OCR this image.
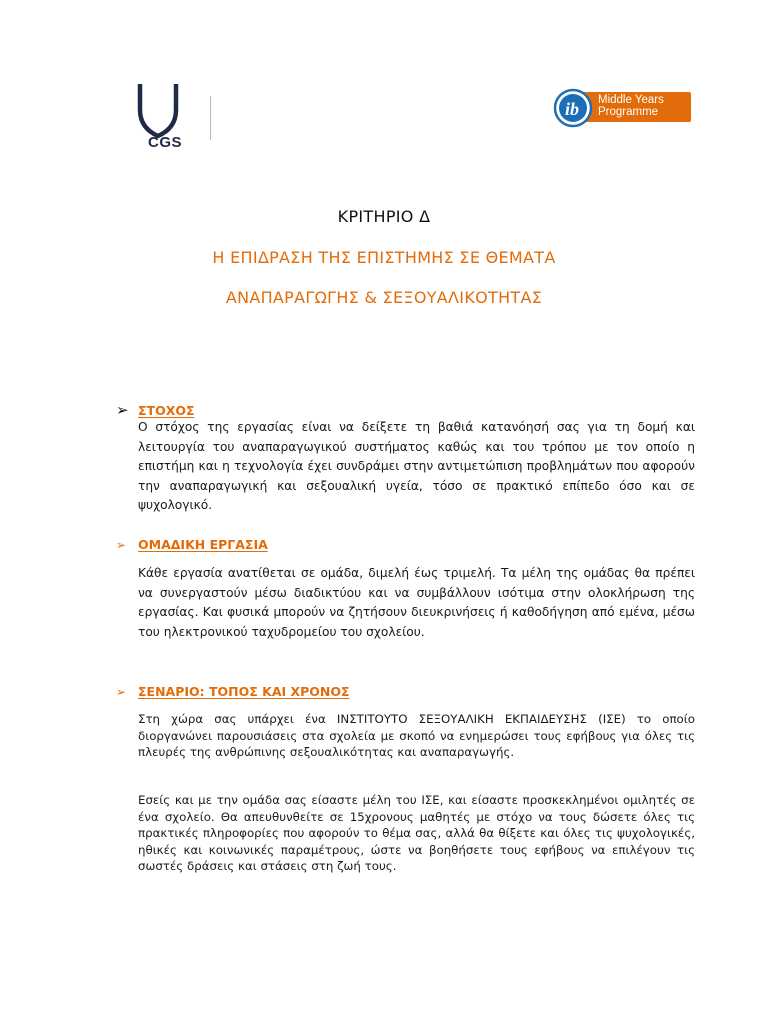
CGS
ib Middle Years
Programme
ΚΡΙΤΗΡΙΟ Δ
Η ΕΠΙΔΡΑΣΗ ΤΗΣ ΕΠΙΣΤΗΜΗΣ ΣΕ ΘΕΜΑΤΑ
ΑΝΑΠΑΡΑΓΩΓΗΣ & ΣΕΞΟΥΑΛΙΚΟΤΗΤΑΣ
➢ ΣΤΟΧΟΣ
Ο στόχος της εργασίας είναι να δείξετε τη βαθιά κατανόησή σας για τη δομή και λειτουργία του αναπαραγωγικού συστήματος καθώς και του τρόπου με τον οποίο η επιστήμη και η τεχνολογία έχει συνδράμει στην αντιμετώπιση προβλημάτων που αφορούν την αναπαραγωγική και σεξουαλική υγεία, τόσο σε πρακτικό επίπεδο όσο και σε ψυχολογικό.
➢ ΟΜΑΔΙΚΗ ΕΡΓΑΣΙΑ
Κάθε εργασία ανατίθεται σε ομάδα, διμελή έως τριμελή. Τα μέλη της ομάδας θα πρέπει να συνεργαστούν μέσω διαδικτύου και να συμβάλλουν ισότιμα στην ολοκλήρωση της εργασίας. Και φυσικά μπορούν να ζητήσουν διευκρινήσεις ή καθοδήγηση από εμένα, μέσω του ηλεκτρονικού ταχυδρομείου του σχολείου.
➢ ΣΕΝΑΡΙΟ: ΤΟΠΟΣ ΚΑΙ ΧΡΟΝΟΣ
Στη χώρα σας υπάρχει ένα ΙΝΣΤΙΤΟΥΤΟ ΣΕΞΟΥΑΛΙΚΗ ΕΚΠΑΙΔΕΥΣΗΣ (ΙΣΕ) το οποίο διοργανώνει παρουσιάσεις στα σχολεία με σκοπό να ενημερώσει τους εφήβους για όλες τις πλευρές της ανθρώπινης σεξουαλικότητας και αναπαραγωγής.
Εσείς και με την ομάδα σας είσαστε μέλη του ΙΣΕ, και είσαστε προσκεκλημένοι ομιλητές σε ένα σχολείο. Θα απευθυνθείτε σε 15χρονους μαθητές με στόχο να τους δώσετε όλες τις πρακτικές πληροφορίες που αφορούν το θέμα σας, αλλά θα θίξετε και όλες τις ψυχολογικές, ηθικές και κοινωνικές παραμέτρους, ώστε να βοηθήσετε τους εφήβους να επιλέγουν τις σωστές δράσεις και στάσεις στη ζωή τους.
